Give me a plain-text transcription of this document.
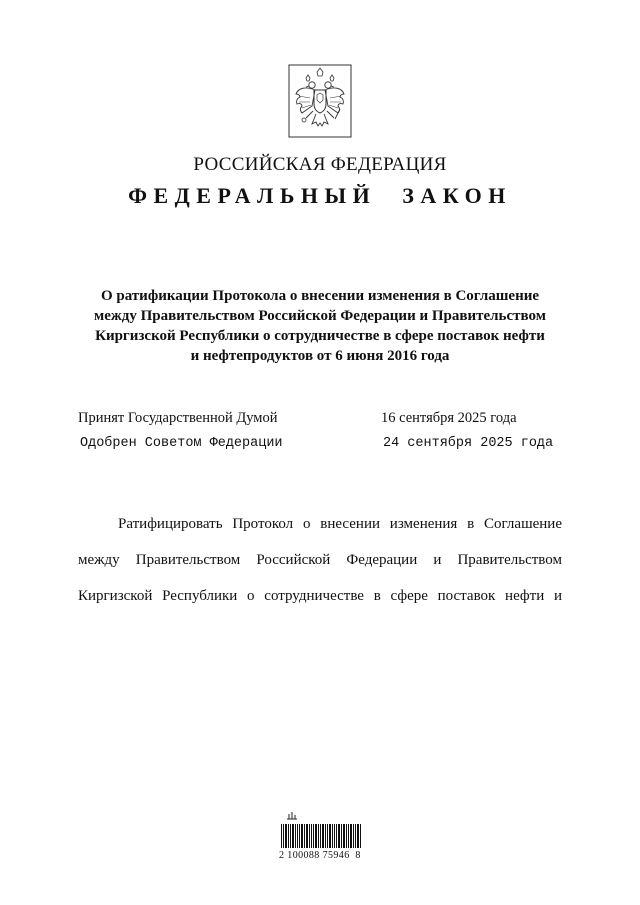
РОССИЙСКАЯ ФЕДЕРАЦИЯ
ФЕДЕРАЛЬНЫЙ ЗАКОН
О ратификации Протокола о внесении изменения в Соглашение
между Правительством Российской Федерации и Правительством
Киргизской Республики о сотрудничестве в сфере поставок нефти
и нефтепродуктов от 6 июня 2016 года
Принят Государственной Думой	16 сентября 2025 года
Одобрен Советом Федерации	24 сентября 2025 года
Ратифицировать Протокол о внесении изменения в Соглашение
между Правительством Российской Федерации и Правительством
Киргизской Республики о сотрудничестве в сфере поставок нефти и
2 100088 75946  8
